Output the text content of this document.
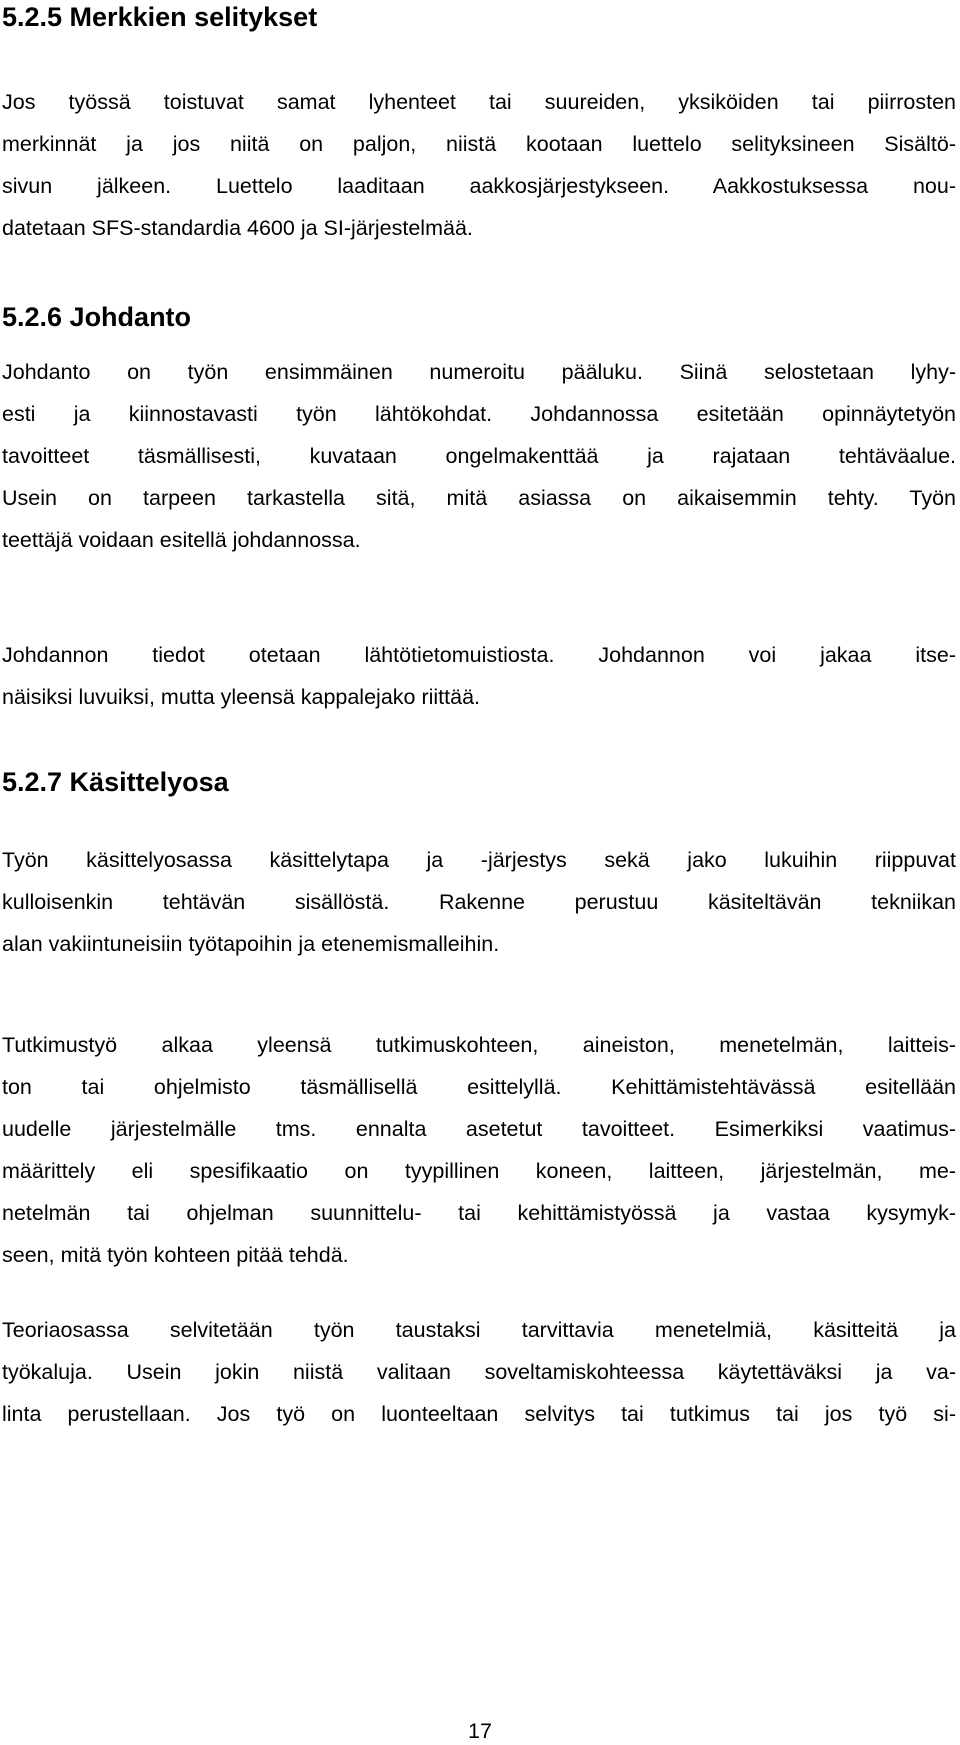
5.2.5 Merkkien selitykset
Jos työssä toistuvat samat lyhenteet tai suureiden, yksiköiden tai piirrosten
merkinnät ja jos niitä on paljon, niistä kootaan luettelo selityksineen Sisältö-
sivun jälkeen. Luettelo laaditaan aakkosjärjestykseen. Aakkostuksessa nou-
datetaan SFS-standardia 4600 ja SI-järjestelmää.
5.2.6 Johdanto
Johdanto on työn ensimmäinen numeroitu pääluku. Siinä selostetaan lyhy-
esti ja kiinnostavasti työn lähtökohdat. Johdannossa esitetään opinnäytetyön
tavoitteet täsmällisesti, kuvataan ongelmakenttää ja rajataan tehtäväalue.
Usein on tarpeen tarkastella sitä, mitä asiassa on aikaisemmin tehty. Työn
teettäjä voidaan esitellä johdannossa.
Johdannon tiedot otetaan lähtötietomuistiosta. Johdannon voi jakaa itse-
näisiksi luvuiksi, mutta yleensä kappalejako riittää.
5.2.7 Käsittelyosa
Työn käsittelyosassa käsittelytapa ja -järjestys sekä jako lukuihin riippuvat
kulloisenkin tehtävän sisällöstä. Rakenne perustuu käsiteltävän tekniikan
alan vakiintuneisiin työtapoihin ja etenemismalleihin.
Tutkimustyö alkaa yleensä tutkimuskohteen, aineiston, menetelmän, laitteis-
ton tai ohjelmisto täsmällisellä esittelyllä. Kehittämistehtävässä esitellään
uudelle järjestelmälle tms. ennalta asetetut tavoitteet. Esimerkiksi vaatimus-
määrittely eli spesifikaatio on tyypillinen koneen, laitteen, järjestelmän, me-
netelmän tai ohjelman suunnittelu- tai kehittämistyössä ja vastaa kysymyk-
seen, mitä työn kohteen pitää tehdä.
Teoriaosassa selvitetään työn taustaksi tarvittavia menetelmiä, käsitteitä ja
työkaluja. Usein jokin niistä valitaan soveltamiskohteessa käytettäväksi ja va-
linta perustellaan. Jos työ on luonteeltaan selvitys tai tutkimus tai jos työ si-
17
